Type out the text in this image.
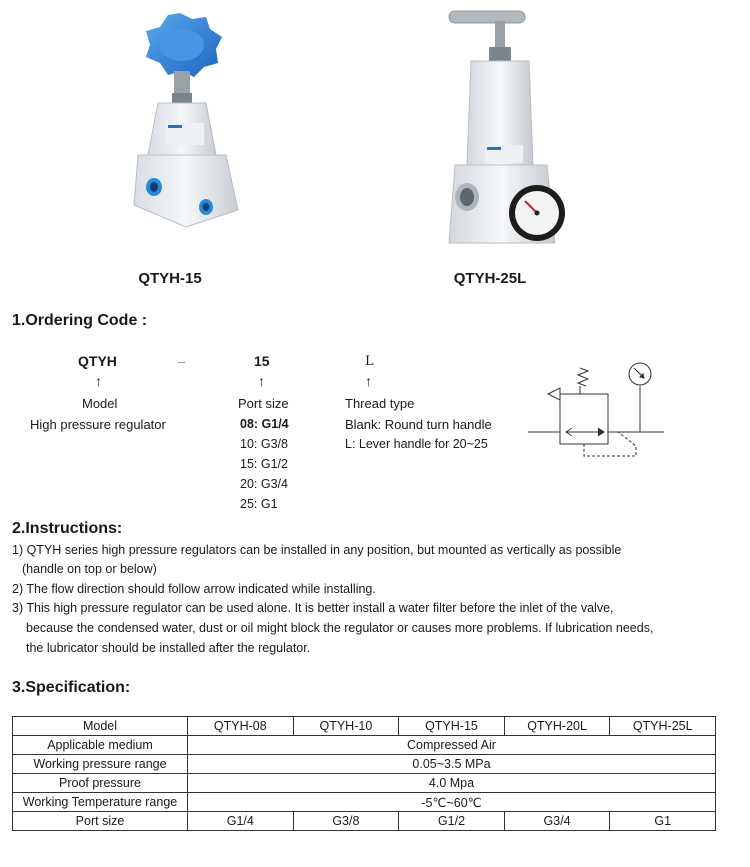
QTYH-15	QTYH-25L
1.Ordering Code :
QTYH
↑
Model
High pressure regulator
–	15
↑
Port size
08: G1/4
10: G3/8
15: G1/2
20: G3/4
25: G1
L
↑
Thread type
Blank: Round turn handle
L: Lever handle for 20~25
2.Instructions:
1) QTYH series high pressure regulators can be installed in any position, but mounted as vertically as possible
(handle on top or below)
2) The flow direction should follow arrow indicated while installing.
3) This high pressure regulator can be used alone. It is better install a water filter before the inlet of the valve,
because the condensed water, dust or oil might block the regulator or causes more problems. If lubrication needs,
the lubricator should be installed after the regulator.
3.Specification:
Model	QTYH-08	QTYH-10	QTYH-15	QTYH-20L	QTYH-25L
Applicable medium	Compressed Air				
Working pressure range	0.05~3.5 MPa				
Proof pressure	4.0 Mpa				
Working Temperature range	-5℃~60℃				
Port size	G1/4	G3/8	G1/2	G3/4	G1
